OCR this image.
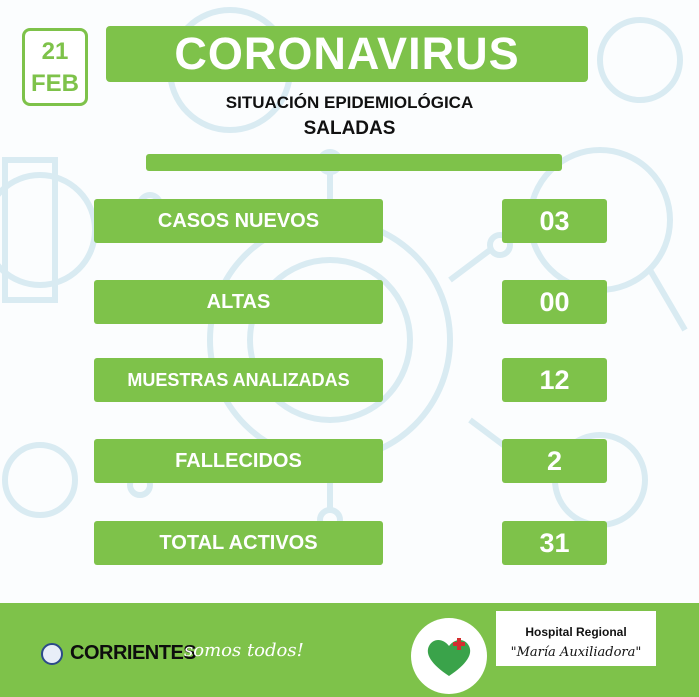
21
FEB
CORONAVIRUS
SITUACIÓN EPIDEMIOLÓGICA
SALADAS
CASOS NUEVOS	03
ALTAS	00
MUESTRAS ANALIZADAS	12
FALLECIDOS	2
TOTAL ACTIVOS	31
CORRIENTES
somos todos!
Hospital Regional
"María Auxiliadora"
